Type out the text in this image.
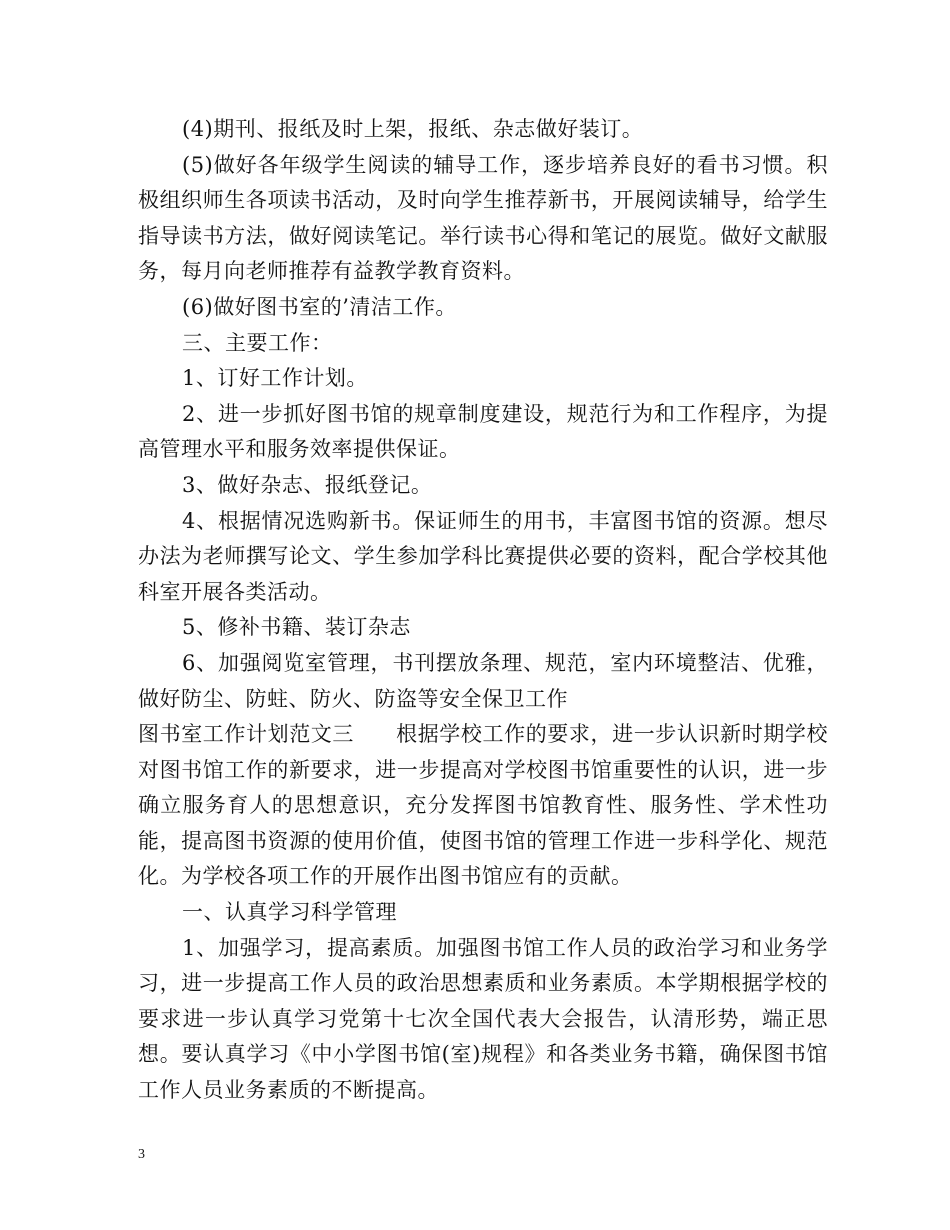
(4)期刊、报纸及时上架，报纸、杂志做好装订。

(5)做好各年级学生阅读的辅导工作，逐步培养良好的看书习惯。积极组织师生各项读书活动，及时向学生推荐新书，开展阅读辅导，给学生指导读书方法，做好阅读笔记。举行读书心得和笔记的展览。做好文献服务，每月向老师推荐有益教学教育资料。

(6)做好图书室的’清洁工作。

三、主要工作：

1、订好工作计划。

2、进一步抓好图书馆的规章制度建设，规范行为和工作程序，为提高管理水平和服务效率提供保证。

3、做好杂志、报纸登记。

4、根据情况选购新书。保证师生的用书，丰富图书馆的资源。想尽办法为老师撰写论文、学生参加学科比赛提供必要的资料，配合学校其他科室开展各类活动。

5、修补书籍、装订杂志

6、加强阅览室管理，书刊摆放条理、规范，室内环境整洁、优雅，做好防尘、防蛀、防火、防盗等安全保卫工作

图书室工作计划范文三 根据学校工作的要求，进一步认识新时期学校对图书馆工作的新要求，进一步提高对学校图书馆重要性的认识，进一步确立服务育人的思想意识，充分发挥图书馆教育性、服务性、学术性功能，提高图书资源的使用价值，使图书馆的管理工作进一步科学化、规范化。为学校各项工作的开展作出图书馆应有的贡献。

一、认真学习科学管理

1、加强学习，提高素质。加强图书馆工作人员的政治学习和业务学习，进一步提高工作人员的政治思想素质和业务素质。本学期根据学校的要求进一步认真学习党第十七次全国代表大会报告，认清形势，端正思想。要认真学习《中小学图书馆(室)规程》和各类业务书籍，确保图书馆工作人员业务素质的不断提高。

3
